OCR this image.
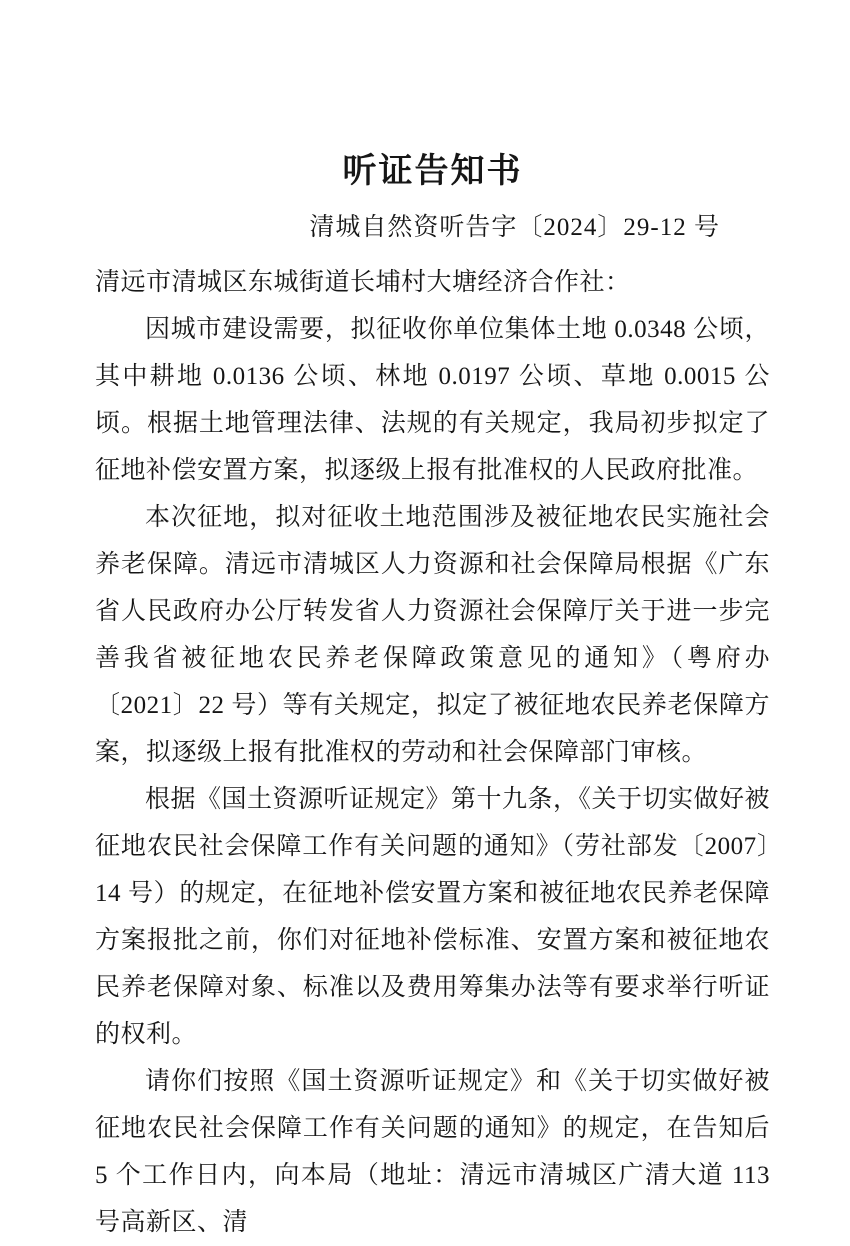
听证告知书
清城自然资听告字〔2024〕29-12 号
清远市清城区东城街道长埔村大塘经济合作社：

因城市建设需要，拟征收你单位集体土地 0.0348 公顷，其中耕地 0.0136 公顷、林地 0.0197 公顷、草地 0.0015 公顷。根据土地管理法律、法规的有关规定，我局初步拟定了征地补偿安置方案，拟逐级上报有批准权的人民政府批准。

本次征地，拟对征收土地范围涉及被征地农民实施社会养老保障。清远市清城区人力资源和社会保障局根据《广东省人民政府办公厅转发省人力资源社会保障厅关于进一步完善我省被征地农民养老保障政策意见的通知》（粤府办〔2021〕22 号）等有关规定，拟定了被征地农民养老保障方案，拟逐级上报有批准权的劳动和社会保障部门审核。

根据《国土资源听证规定》第十九条，《关于切实做好被征地农民社会保障工作有关问题的通知》（劳社部发〔2007〕14 号）的规定，在征地补偿安置方案和被征地农民养老保障方案报批之前，你们对征地补偿标准、安置方案和被征地农民养老保障对象、标准以及费用筹集办法等有要求举行听证的权利。

请你们按照《国土资源听证规定》和《关于切实做好被征地农民社会保障工作有关问题的通知》的规定，在告知后 5 个工作日内，向本局（地址：清远市清城区广清大道 113 号高新区、清
